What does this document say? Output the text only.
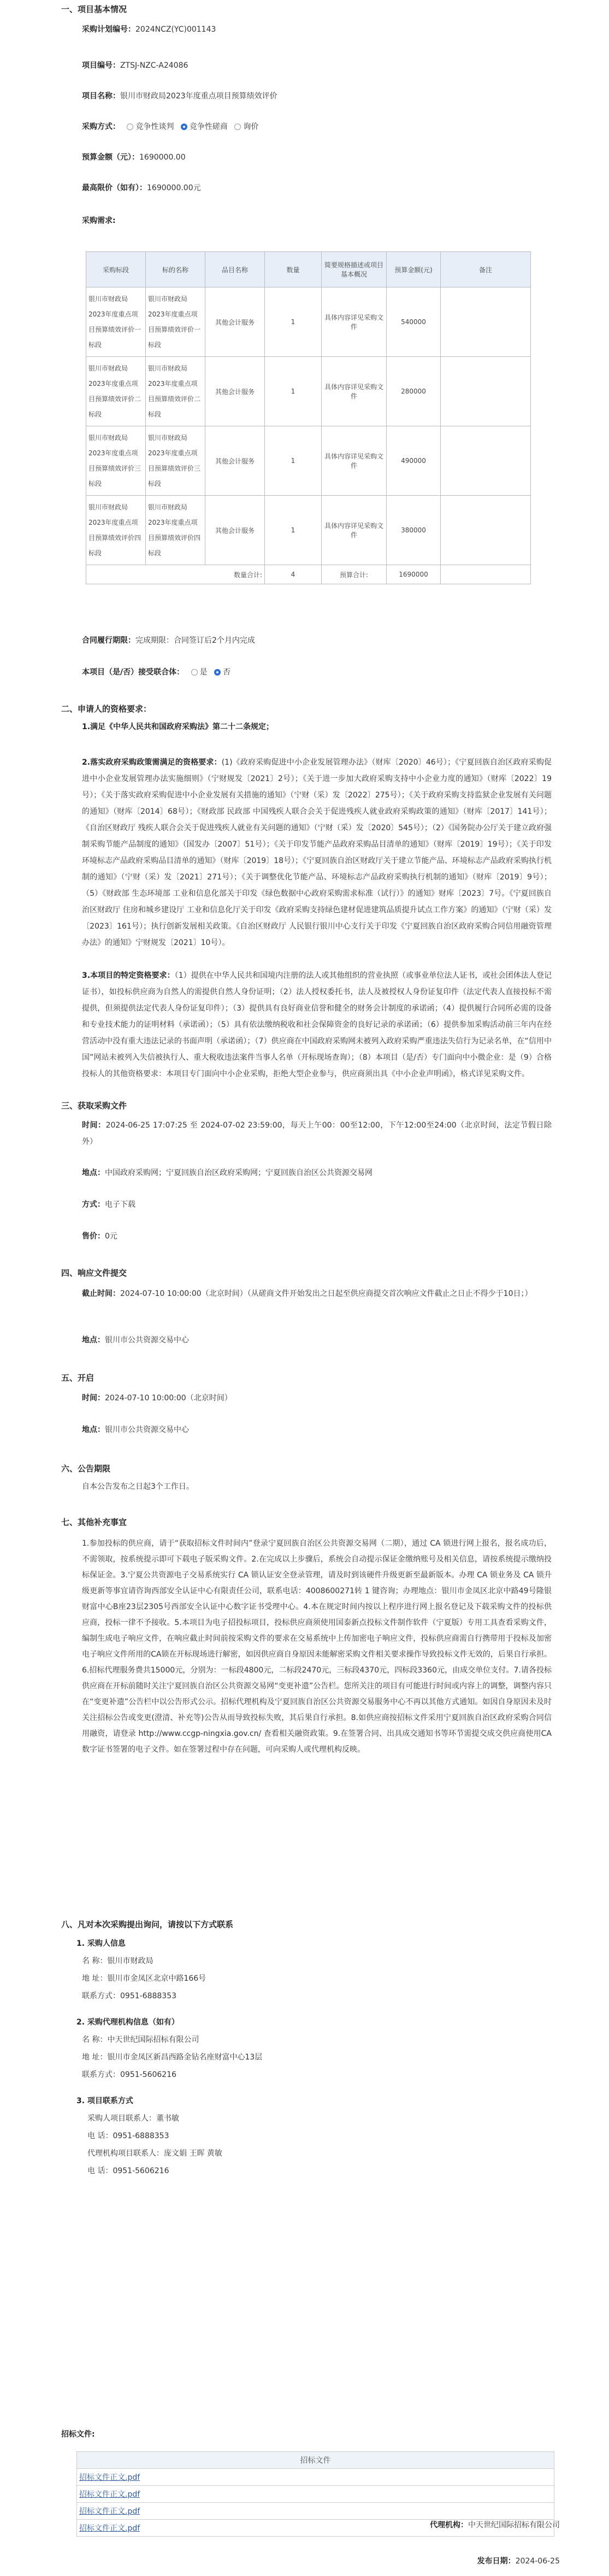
一、项目基本情况
采购计划编号：2024NCZ(YC)001143
项目编号：ZTSJ-NZC-A24086
项目名称：银川市财政局2023年度重点项目预算绩效评价
采购方式： 竞争性谈判 竞争性磋商 询价
预算金额（元）：1690000.00
最高限价（如有）：1690000.00元
采购需求:
采购标段	标的名称	品目名称	数量	简要规格描述或项目基本概况	预算金额(元)	备注
银川市财政局2023年度重点项目预算绩效评价一标段	银川市财政局2023年度重点项目预算绩效评价一标段	其他会计服务	1	具体内容详见采购文件	540000	
银川市财政局2023年度重点项目预算绩效评价二标段	银川市财政局2023年度重点项目预算绩效评价二标段	其他会计服务	1	具体内容详见采购文件	280000	
银川市财政局2023年度重点项目预算绩效评价三标段	银川市财政局2023年度重点项目预算绩效评价三标段	其他会计服务	1	具体内容详见采购文件	490000	
银川市财政局2023年度重点项目预算绩效评价四标段	银川市财政局2023年度重点项目预算绩效评价四标段	其他会计服务	1	具体内容详见采购文件	380000	
数量合计:			4	预算合计:	1690000	
合同履行期限：完成期限：合同签订后2个月内完成
本项目（是/否）接受联合体： 是 否
二、申请人的资格要求：
1.满足《中华人民共和国政府采购法》第二十二条规定；
2.落实政府采购政策需满足的资格要求：(1)《政府采购促进中小企业发展管理办法》（财库〔2020〕46号）；《宁夏回族自治区政府采购促进中小企业发展管理办法实施细则》（宁财规发〔2021〕2号）；《关于进一步加大政府采购支持中小企业力度的通知》（财库〔2022〕19号）；《关于落实政府采购促进中小企业发展有关措施的通知》（宁财（采）发〔2022〕275号）；《关于政府采购支持监狱企业发展有关问题的通知》（财库〔2014〕68号）；《财政部 民政部 中国残疾人联合会关于促进残疾人就业政府采购政策的通知》（财库〔2017〕141号）；《自治区财政厅 残疾人联合会关于促进残疾人就业有关问题的通知》（宁财（采）发〔2020〕545号）；（2）《国务院办公厅关于建立政府强制采购节能产品制度的通知》（国发办〔2007〕51号）；《关于印发节能产品政府采购品目清单的通知》（财库〔2019〕19号）；《关于印发环境标志产品政府采购品目清单的通知》（财库〔2019〕18号）；《宁夏回族自治区财政厅关于建立节能产品、环境标志产品政府采购执行机制的通知》（宁财（采）发〔2021〕271号）；《关于调整优化节能产品、环境标志产品政府采购执行机制的通知》（财库〔2019〕9号）；（5）《财政部 生态环境部 工业和信息化部关于印发《绿色数据中心政府采购需求标准（试行）》的通知》财库〔2023〕7号。《宁夏回族自治区财政厅 住房和城乡建设厅 工业和信息化厅关于印发《政府采购支持绿色建材促进建筑品质提升试点工作方案》的通知》（宁财（采）发〔2023〕161号）；执行创新发展相关政策。《自治区财政厅 人民银行银川中心支行关于印发《宁夏回族自治区政府采购合同信用融资管理办法》的通知》宁财规发〔2021〕10号）。
3.本项目的特定资格要求：（1）提供在中华人民共和国境内注册的法人或其他组织的营业执照（或事业单位法人证书，或社会团体法人登记证书），如投标供应商为自然人的需提供自然人身份证明；（2）法人授权委托书，法人及被授权人身份证复印件（法定代表人直接投标不需提供，但须提供法定代表人身份证复印件）；（3）提供具有良好商业信誉和健全的财务会计制度的承诺函；（4）提供履行合同所必需的设备和专业技术能力的证明材料（承诺函）；（5）具有依法缴纳税收和社会保障资金的良好记录的承诺函；（6）提供参加采购活动前三年内在经营活动中没有重大违法记录的书面声明（承诺函）；（7）供应商在中国政府采购网未被列入政府采购严重违法失信行为记录名单，在“信用中国”网站未被列入失信被执行人、重大税收违法案件当事人名单（开标现场查询）；（8）本项目（是/否）专门面向中小微企业：是（9）合格投标人的其他资格要求：本项目专门面向中小企业采购，拒绝大型企业参与，供应商须出具《中小企业声明函》，格式详见采购文件。
三、获取采购文件
时间：2024-06-25 17:07:25 至 2024-07-02 23:59:00，每天上午00：00至12:00，下午12:00至24:00（北京时间，法定节假日除外）
地点：中国政府采购网；宁夏回族自治区政府采购网；宁夏回族自治区公共资源交易网
方式：电子下载
售价：0元
四、响应文件提交
截止时间：2024-07-10 10:00:00（北京时间）（从磋商文件开始发出之日起至供应商提交首次响应文件截止之日止不得少于10日；）
地点：银川市公共资源交易中心
五、开启
时间：2024-07-10 10:00:00（北京时间）
地点：银川市公共资源交易中心
六、公告期限
自本公告发布之日起3个工作日。
七、其他补充事宜
1.参加投标的供应商，请于“获取招标文件时间内”登录宁夏回族自治区公共资源交易网（二期），通过 CA 锁进行网上报名，报名成功后，不需领取，按系统提示即可下载电子版采购文件。2.在完成以上步骤后，系统会自动提示保证金缴纳账号及相关信息，请按系统提示缴纳投标保证金。3.宁夏公共资源电子交易系统实行 CA 锁认证安全登录管理，请及时到该硬件升级更新至最新版本。办理 CA 锁业务及 CA 锁升级更新等事宜请咨询西部安全认证中心有限责任公司，联系电话：4008600271转 1 键咨询；办理地点：银川市金凤区北京中路49号隆银财富中心B座23层2305号西部安全认证中心数字证书受理中心。4.本在规定时间内按以上程序进行网上报名登记及下载采购文件的投标供应商，投标一律不予接收。5.本项目为电子招投标项目，投标供应商须使用国泰新点投标文件制作软件（宁夏版）专用工具查看采购文件，编制生成电子响应文件，在响应截止时间前按采购文件的要求在交易系统中上传加密电子响应文件，投标供应商需自行携带用于投标及加密电子响应文件所用的CA锁在开标现场进行解密，如因供应商自身原因未能解密采购文件相关要求操作导致投标文件无效的，后果自行承担。6.招标代理服务费共15000元，分别为：一标段4800元，二标段2470元，三标段4370元，四标段3360元，由成交单位支付。7.请各投标供应商在开标前随时关注宁夏回族自治区公共资源交易网“变更补遗”公告栏。您所关注的项目有可能进行时间或内容上的调整，调整内容只在“变更补遗”公告栏中以公告形式公示。招标代理机构及宁夏回族自治区公共资源交易服务中心不再以其他方式通知。如因自身原因未及时关注招标公告或变更(澄清、补充等)公告从而导致投标失败，其后果自行承担。8.如供应商按招标文件采用宁夏回族自治区政府采购合同信用融资，请登录 http://www.ccgp-ningxia.gov.cn/ 查看相关融资政策。9.在签署合同、出具成交通知书等环节需提交成交供应商使用CA数字证书签署的电子文件。如在签署过程中存在问题，可向采购人或代理机构反映。
八、凡对本次采购提出询问，请按以下方式联系
1. 采购人信息
名 称：银川市财政局
地 址：银川市金凤区北京中路166号
联系方式：0951-6888353
2. 采购代理机构信息（如有）
名 称：中天世纪国际招标有限公司
地 址：银川市金凤区新昌西路金钻名座财富中心13层
联系方式：0951-5606216
3. 项目联系方式
采购人项目联系人：董书敏
电 话：0951-6888353
代理机构项目联系人：庞文娟 王晖 黄敏
电 话：0951-5606216
招标文件:
招标文件
招标文件正文.pdf
招标文件正文.pdf
招标文件正文.pdf
招标文件正文.pdf	代理机构：中天世纪国际招标有限公司
发布日期：2024-06-25
